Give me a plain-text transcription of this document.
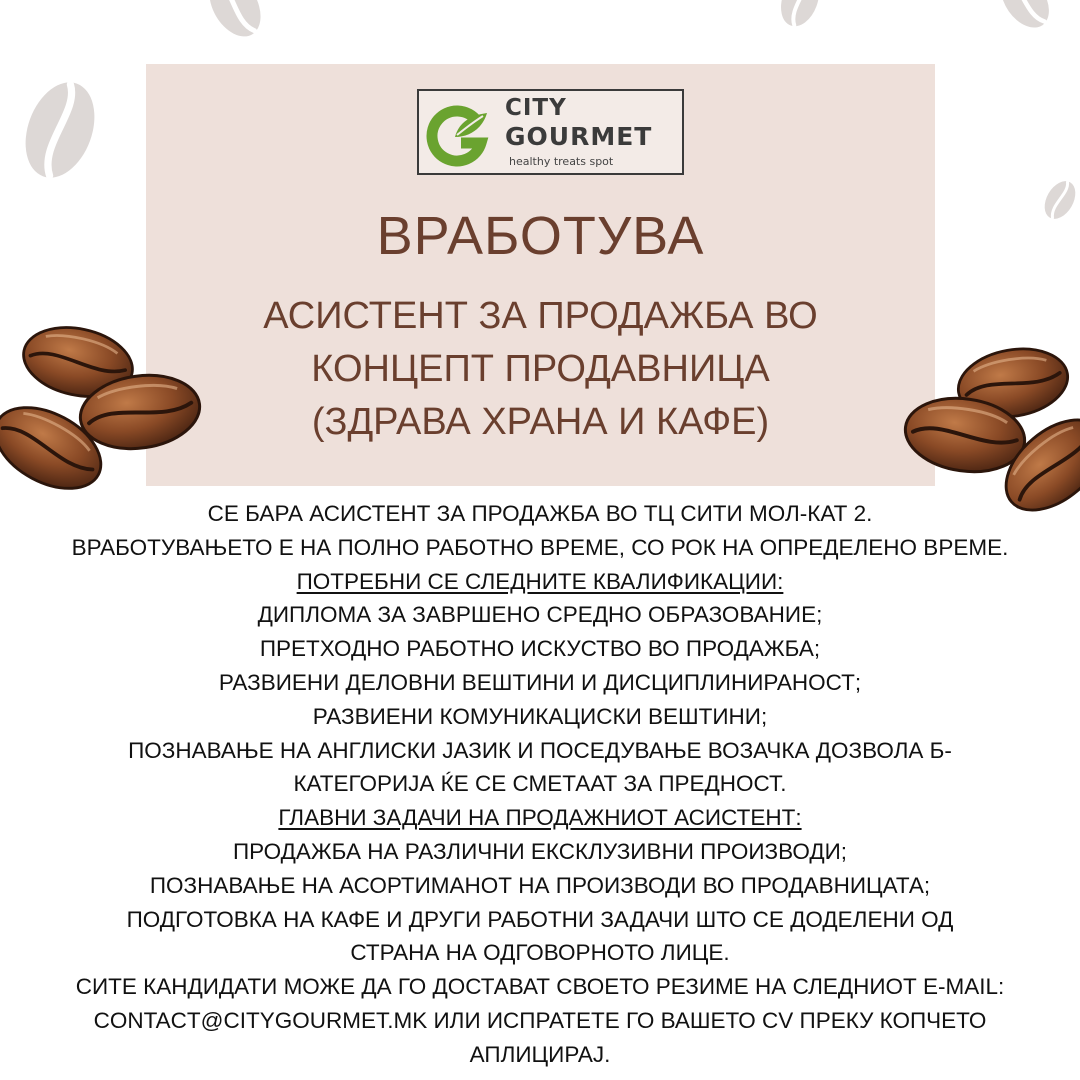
CITY
GOURMET
healthy treats spot
ВРАБОТУВА
АСИСТЕНТ ЗА ПРОДАЖБА ВО
КОНЦЕПТ ПРОДАВНИЦА
(ЗДРАВА ХРАНА И КАФЕ)
СЕ БАРА АСИСТЕНТ ЗА ПРОДАЖБА ВО ТЦ СИТИ МОЛ-КАТ 2.
ВРАБОТУВАЊЕТО Е НА ПОЛНО РАБОТНО ВРЕМЕ, СО РОК НА ОПРЕДЕЛЕНО ВРЕМЕ.
ПОТРЕБНИ СЕ СЛЕДНИТЕ КВАЛИФИКАЦИИ:
ДИПЛОМА ЗА ЗАВРШЕНО СРЕДНО ОБРАЗОВАНИЕ;
ПРЕТХОДНО РАБОТНО ИСКУСТВО ВО ПРОДАЖБА;
РАЗВИЕНИ ДЕЛОВНИ ВЕШТИНИ И ДИСЦИПЛИНИРАНОСТ;
РАЗВИЕНИ КОМУНИКАЦИСКИ ВЕШТИНИ;
ПОЗНАВАЊЕ НА АНГЛИСКИ ЈАЗИК И ПОСЕДУВАЊЕ ВОЗАЧКА ДОЗВОЛА Б-
КАТЕГОРИЈА ЌЕ СЕ СМЕТААТ ЗА ПРЕДНОСТ.
ГЛАВНИ ЗАДАЧИ НА ПРОДАЖНИОТ АСИСТЕНТ:
ПРОДАЖБА НА РАЗЛИЧНИ ЕКСКЛУЗИВНИ ПРОИЗВОДИ;
ПОЗНАВАЊЕ НА АСОРТИМАНОТ НА ПРОИЗВОДИ ВО ПРОДАВНИЦАТА;
ПОДГОТОВКА НА КАФЕ И ДРУГИ РАБОТНИ ЗАДАЧИ ШТО СЕ ДОДЕЛЕНИ ОД
СТРАНА НА ОДГОВОРНОТО ЛИЦЕ.
СИТЕ КАНДИДАТИ МОЖЕ ДА ГО ДОСТАВАТ СВОЕТО РЕЗИМЕ НА СЛЕДНИОТ E-MAIL:
CONTACT@CITYGOURMET.MK ИЛИ ИСПРАТЕТЕ ГО ВАШЕТО CV ПРЕКУ КОПЧЕТО
АПЛИЦИРАЈ.
